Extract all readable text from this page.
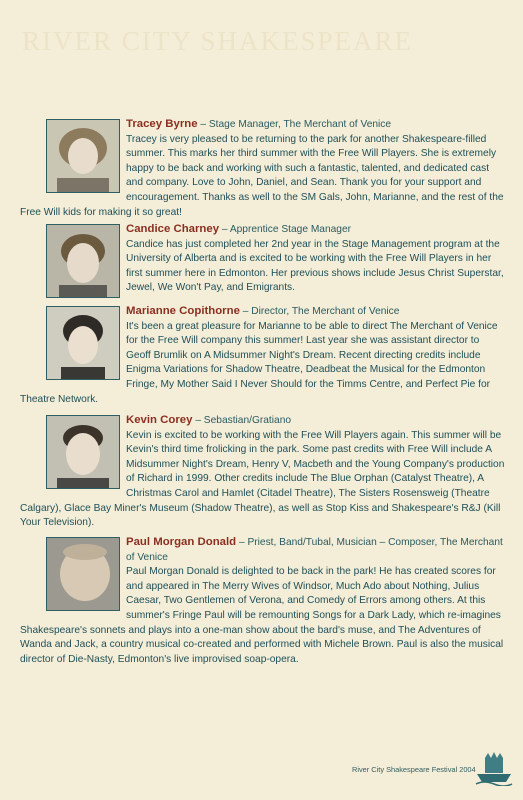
RIVER CITY SHAKESPEARE

Tracey Byrne – Stage Manager, The Merchant of Venice

Tracey is very pleased to be returning to the park for another Shakespeare-filled summer. This marks her third summer with the Free Will Players. She is extremely happy to be back and working with such a fantastic, talented, and dedicated cast and company. Love to John, Daniel, and Sean. Thank you for your support and encouragement. Thanks as well to the SM Gals, John, Marianne, and the rest of the Free Will kids for making it so great!

Candice Charney – Apprentice Stage Manager

Candice has just completed her 2nd year in the Stage Management program at the University of Alberta and is excited to be working with the Free Will Players in her first summer here in Edmonton. Her previous shows include Jesus Christ Superstar, Jewel, We Won't Pay, and Emigrants.

Marianne Copithorne – Director, The Merchant of Venice

It's been a great pleasure for Marianne to be able to direct The Merchant of Venice for the Free Will company this summer! Last year she was assistant director to Geoff Brumlik on A Midsummer Night's Dream. Recent directing credits include Enigma Variations for Shadow Theatre, Deadbeat the Musical for the Edmonton Fringe, My Mother Said I Never Should for the Timms Centre, and Perfect Pie for Theatre Network.

Kevin Corey – Sebastian/Gratiano

Kevin is excited to be working with the Free Will Players again. This summer will be Kevin's third time frolicking in the park. Some past credits with Free Will include A Midsummer Night's Dream, Henry V, Macbeth and the Young Company's production of Richard in 1999. Other credits include The Blue Orphan (Catalyst Theatre), A Christmas Carol and Hamlet (Citadel Theatre), The Sisters Rosensweig (Theatre Calgary), Glace Bay Miner's Museum (Shadow Theatre), as well as Stop Kiss and Shakespeare's R&J (Kill Your Television).

Paul Morgan Donald – Priest, Band/Tubal, Musician – Composer, The Merchant of Venice

Paul Morgan Donald is delighted to be back in the park! He has created scores for and appeared in The Merry Wives of Windsor, Much Ado about Nothing, Julius Caesar, Two Gentlemen of Verona, and Comedy of Errors among others. At this summer's Fringe Paul will be remounting Songs for a Dark Lady, which re-imagines Shakespeare's sonnets and plays into a one-man show about the bard's muse, and The Adventures of Wanda and Jack, a country musical co-created and performed with Michele Brown. Paul is also the musical director of Die-Nasty, Edmonton's live improvised soap-opera.

River City Shakespeare Festival 2004
